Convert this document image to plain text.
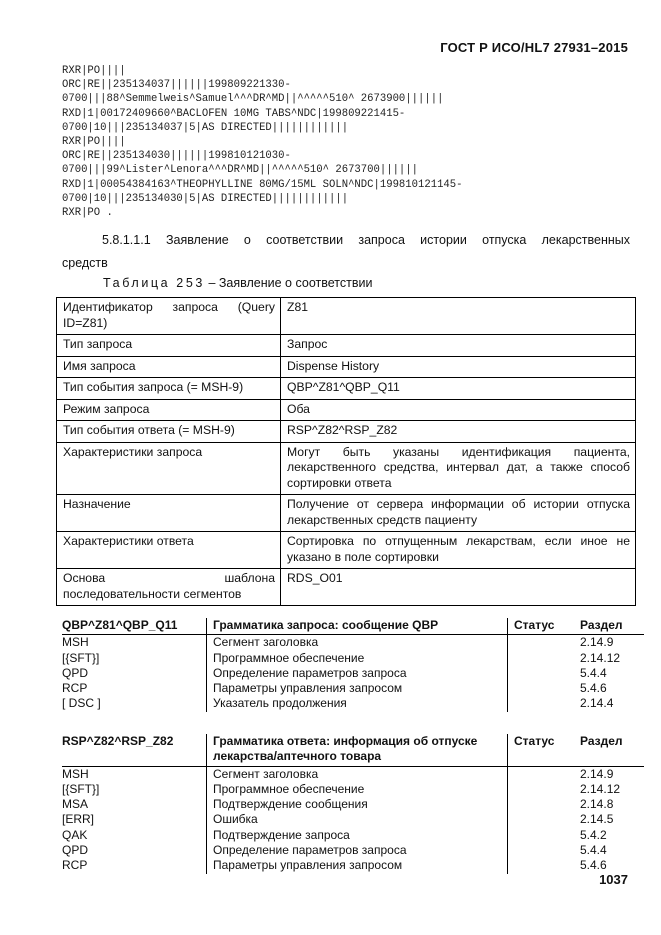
ГОСТ Р ИСО/HL7 27931–2015
RXR|PO||||
ORC|RE||235134037||||||199809221330-
0700|||88^Semmelweis^Samuel^^^DR^MD||^^^^^510^ 2673900||||||
RXD|1|00172409660^BACLOFEN 10MG TABS^NDC|199809221415-
0700|10|||235134037|5|AS DIRECTED||||||||||||
RXR|PO||||
ORC|RE||235134030||||||199810121030-
0700|||99^Lister^Lenora^^^DR^MD||^^^^^510^ 2673700||||||
RXD|1|00054384163^THEOPHYLLINE 80MG/15ML SOLN^NDC|199810121145-
0700|10|||235134030|5|AS DIRECTED||||||||||||
RXR|PO .
5.8.1.1.1 Заявление о соответствии запроса истории отпуска лекарственных
средств
Таблица 253 – Заявление о соответствии
Идентификатор запроса (Query ID=Z81)	Z81
Тип запроса	Запрос
Имя запроса	Dispense History
Тип события запроса (= MSH-9)	QBP^Z81^QBP_Q11
Режим запроса	Оба
Тип события ответа (= MSH-9)	RSP^Z82^RSP_Z82
Характеристики запроса	Могут быть указаны идентификация пациента, лекарственного средства, интервал дат, а также способ сортировки ответа
Назначение	Получение от сервера информации об истории отпуска лекарственных средств пациенту
Характеристики ответа	Сортировка по отпущенным лекарствам, если иное не указано в поле сортировки
Основа шаблона последовательности сегментов	RDS_O01
QBP^Z81^QBP_Q11	Грамматика запроса: сообщение QBP	Статус	Раздел
MSH	Сегмент заголовка		2.14.9
[{SFT}]	Программное обеспечение		2.14.12
QPD	Определение параметров запроса		5.4.4
RCP	Параметры управления запросом		5.4.6
[ DSC ]	Указатель продолжения		2.14.4
RSP^Z82^RSP_Z82	Грамматика ответа: информация об отпуске лекарства/аптечного товара	Статус	Раздел
MSH	Сегмент заголовка		2.14.9
[{SFT}]	Программное обеспечение		2.14.12
MSA	Подтверждение сообщения		2.14.8
[ERR]	Ошибка		2.14.5
QAK	Подтверждение запроса		5.4.2
QPD	Определение параметров запроса		5.4.4
RCP	Параметры управления запросом		5.4.6
1037
